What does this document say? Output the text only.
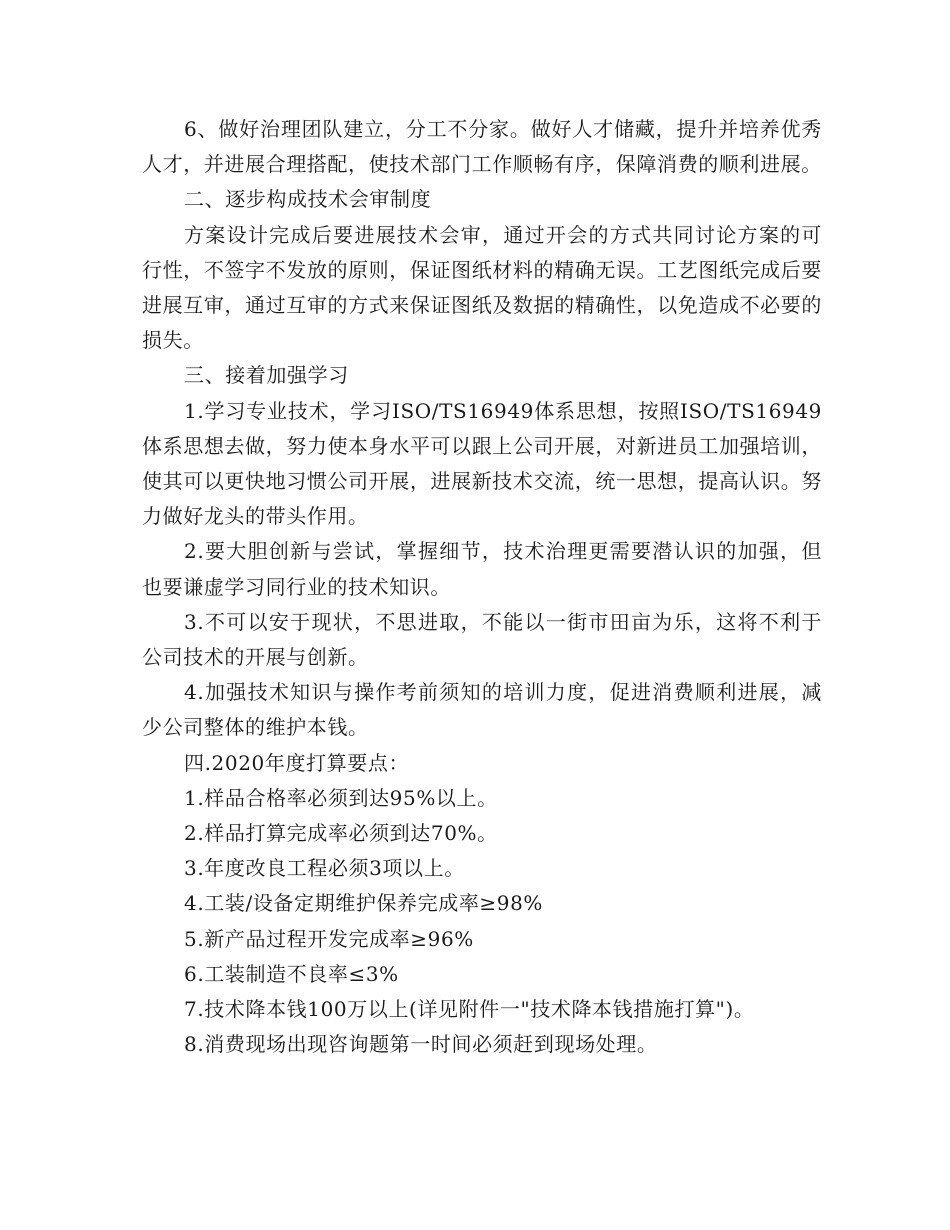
6、做好治理团队建立，分工不分家。做好人才储藏，提升并培养优秀人才，并进展合理搭配，使技术部门工作顺畅有序，保障消费的顺利进展。

二、逐步构成技术会审制度

方案设计完成后要进展技术会审，通过开会的方式共同讨论方案的可行性，不签字不发放的原则，保证图纸材料的精确无误。工艺图纸完成后要进展互审，通过互审的方式来保证图纸及数据的精确性，以免造成不必要的损失。

三、接着加强学习

1.学习专业技术，学习ISO/TS16949体系思想，按照ISO/TS16949体系思想去做，努力使本身水平可以跟上公司开展，对新进员工加强培训，使其可以更快地习惯公司开展，进展新技术交流，统一思想，提高认识。努力做好龙头的带头作用。

2.要大胆创新与尝试，掌握细节，技术治理更需要潜认识的加强，但也要谦虚学习同行业的技术知识。

3.不可以安于现状，不思进取，不能以一街市田亩为乐，这将不利于公司技术的开展与创新。

4.加强技术知识与操作考前须知的培训力度，促进消费顺利进展，减少公司整体的维护本钱。

四.2020年度打算要点：

1.样品合格率必须到达95%以上。

2.样品打算完成率必须到达70%。

3.年度改良工程必须3项以上。

4.工装/设备定期维护保养完成率≥98%

5.新产品过程开发完成率≥96%

6.工装制造不良率≤3%

7.技术降本钱100万以上(详见附件一"技术降本钱措施打算")。

8.消费现场出现咨询题第一时间必须赶到现场处理。
